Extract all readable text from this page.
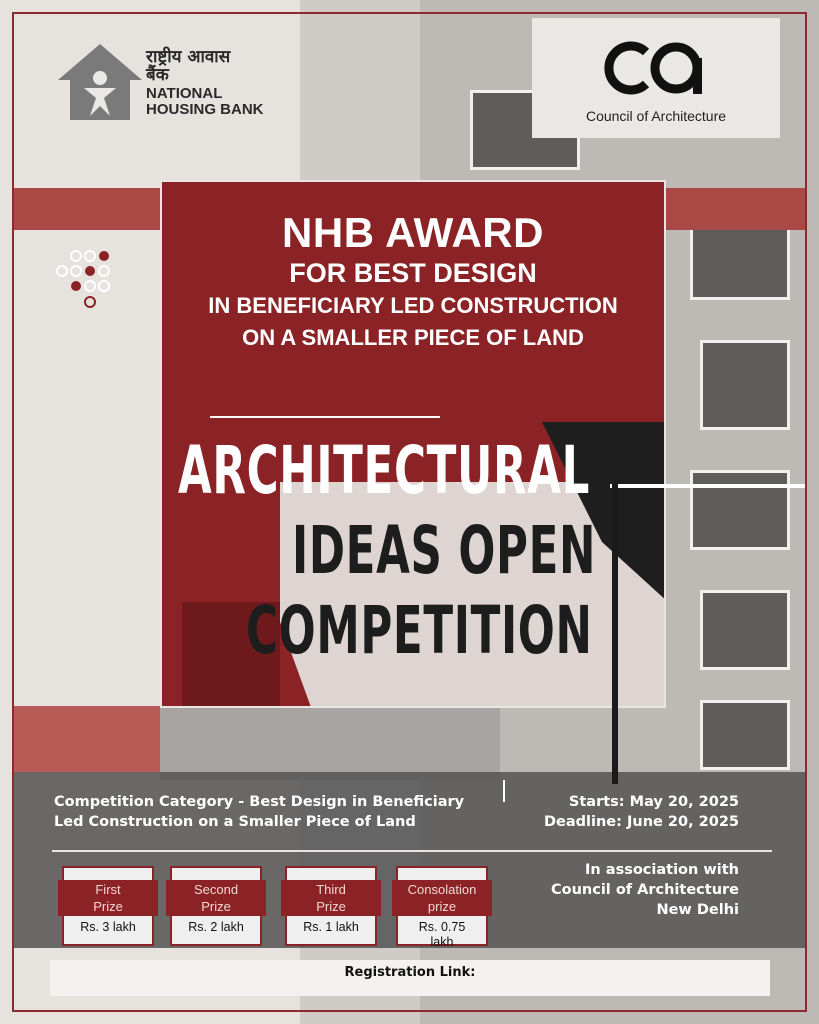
राष्ट्रीय आवास बैंक
NATIONAL
HOUSING BANK	Council of Architecture
NHB AWARD
FOR BEST DESIGN
IN BENEFICIARY LED CONSTRUCTION
ON A SMALLER PIECE OF LAND
ARCHITECTURAL
IDEAS OPEN
COMPETITION
Competition Category - Best Design in Beneficiary
Led Construction on a Smaller Piece of Land
Starts: May 20, 2025
Deadline: June 20, 2025
In association with
Council of Architecture
New Delhi
First
Prize
Rs. 3 lakh
Second
Prize
Rs. 2 lakh
Third
Prize
Rs. 1 lakh
Consolation
prize
Rs. 0.75 lakh
Registration Link:
